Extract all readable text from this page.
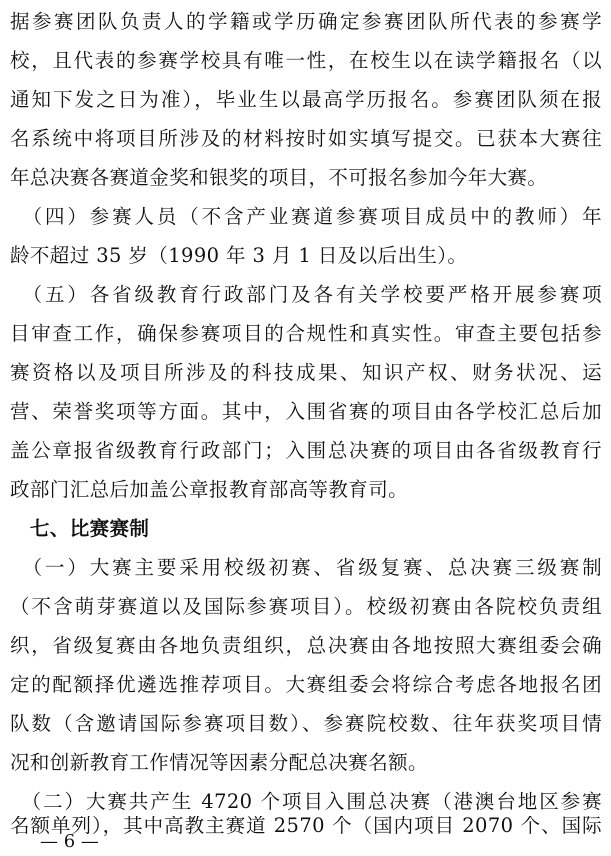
据参赛团队负责人的学籍或学历确定参赛团队所代表的参赛学
校，且代表的参赛学校具有唯一性，在校生以在读学籍报名（以
通知下发之日为准），毕业生以最高学历报名。参赛团队须在报
名系统中将项目所涉及的材料按时如实填写提交。已获本大赛往
年总决赛各赛道金奖和银奖的项目，不可报名参加今年大赛。
　（四）参赛人员（不含产业赛道参赛项目成员中的教师）年
龄不超过 35 岁（1990 年 3 月 1 日及以后出生）。
　（五）各省级教育行政部门及各有关学校要严格开展参赛项
目审查工作，确保参赛项目的合规性和真实性。审查主要包括参
赛资格以及项目所涉及的科技成果、知识产权、财务状况、运
营、荣誉奖项等方面。其中，入围省赛的项目由各学校汇总后加
盖公章报省级教育行政部门；入围总决赛的项目由各省级教育行
政部门汇总后加盖公章报教育部高等教育司。
　七、比赛赛制
　（一）大赛主要采用校级初赛、省级复赛、总决赛三级赛制
（不含萌芽赛道以及国际参赛项目）。校级初赛由各院校负责组
织，省级复赛由各地负责组织，总决赛由各地按照大赛组委会确
定的配额择优遴选推荐项目。大赛组委会将综合考虑各地报名团
队数（含邀请国际参赛项目数）、参赛院校数、往年获奖项目情
况和创新教育工作情况等因素分配总决赛名额。
　（二）大赛共产生 4720 个项目入围总决赛（港澳台地区参赛
名额单列），其中高教主赛道 2570 个（国内项目 2070 个、国际
— 6 —
